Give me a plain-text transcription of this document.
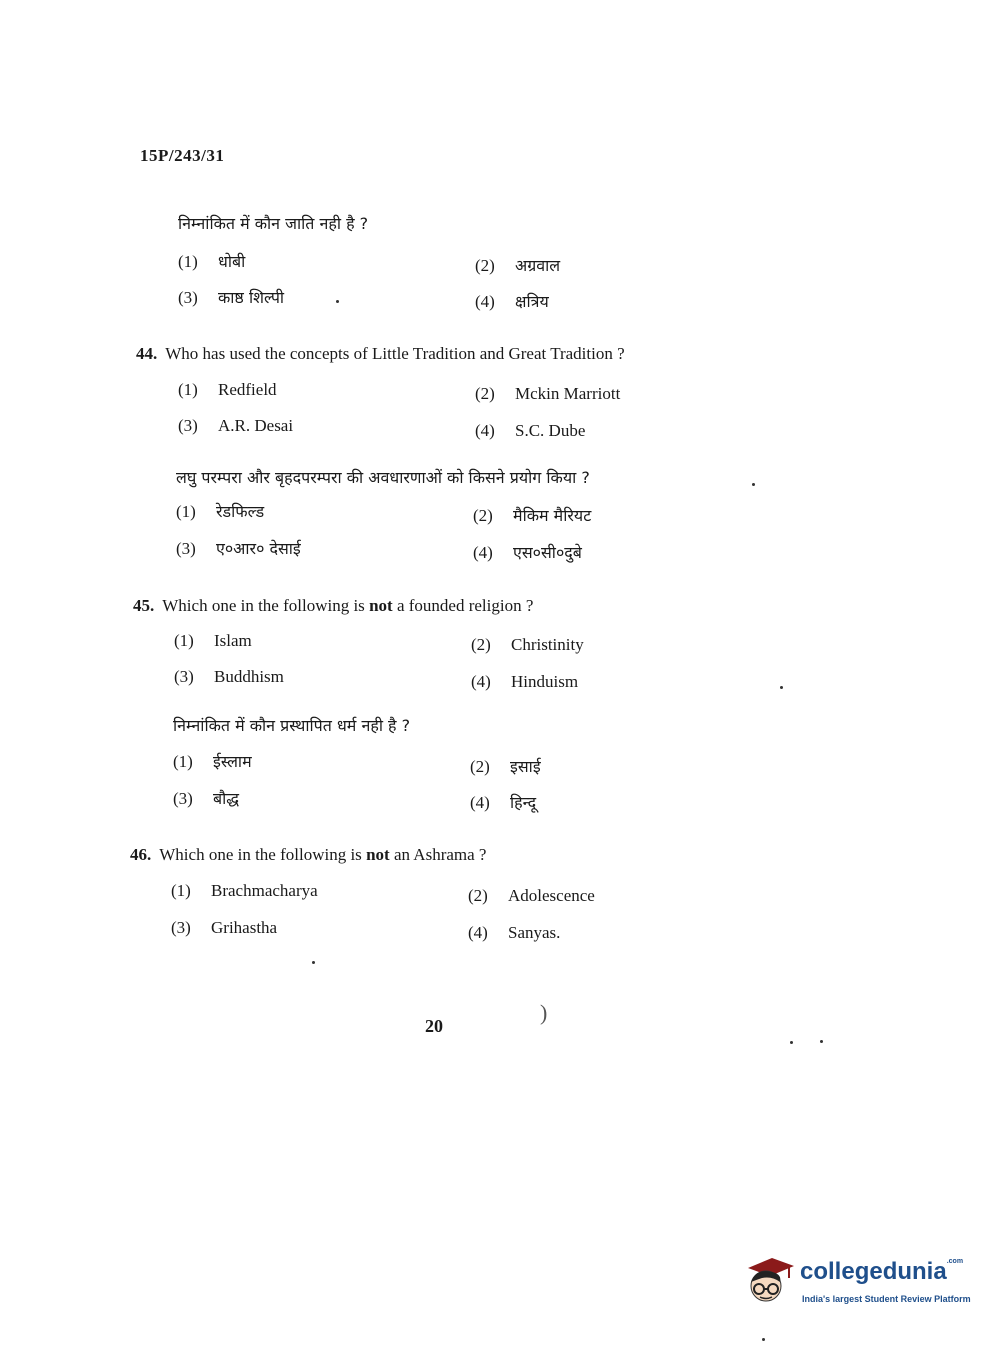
15P/243/31
निम्नांकित में कौन जाति नही है ?
(1) धोबी	(2) अग्रवाल
(3) काष्ठ शिल्पी	(4) क्षत्रिय
44. Who has used the concepts of Little Tradition and Great Tradition ?
(1) Redfield	(2) Mckin Marriott
(3) A.R. Desai	(4) S.C. Dube
लघु परम्परा और बृहदपरम्परा की अवधारणाओं को किसने प्रयोग किया ?
(1) रेडफिल्ड	(2) मैकिम मैरियट
(3) ए०आर० देसाई	(4) एस०सी०दुबे
45. Which one in the following is not a founded religion ?
(1) Islam	(2) Christinity
(3) Buddhism	(4) Hinduism
निम्नांकित में कौन प्रस्थापित धर्म नही है ?
(1) ईस्लाम	(2) इसाई
(3) बौद्ध	(4) हिन्दू
46. Which one in the following is not an Ashrama ?
(1) Brachmacharya	(2) Adolescence
(3) Grihastha	(4) Sanyas.
20
)
collegedunia$^{.com}$
India's largest Student Review Platform
